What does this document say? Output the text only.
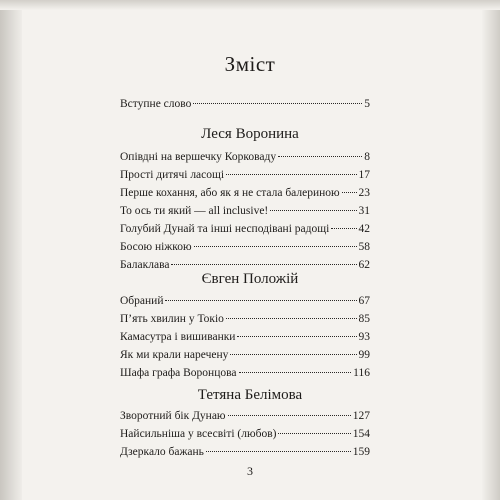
Зміст
Вступне слово	5
Леся Воронина
Опівдні на вершечку Корковаду	8
Прості дитячі ласощі	17
Перше кохання, або як я не стала балериною 23
То ось ти який — all inclusive!	31
Голубий Дунай та інші несподівані радощі	42
Босою ніжкою	58
Балаклава	62
Євген Положій
Обраний	67
П’ять хвилин у Токіо	85
Камасутра і вишиванки	93
Як ми крали наречену	99
Шафа графа Воронцова	116
Тетяна Белімова
Зворотний бік Дунаю	127
Найсильніша у всесвіті (любов)	154
Дзеркало бажань	159
3
